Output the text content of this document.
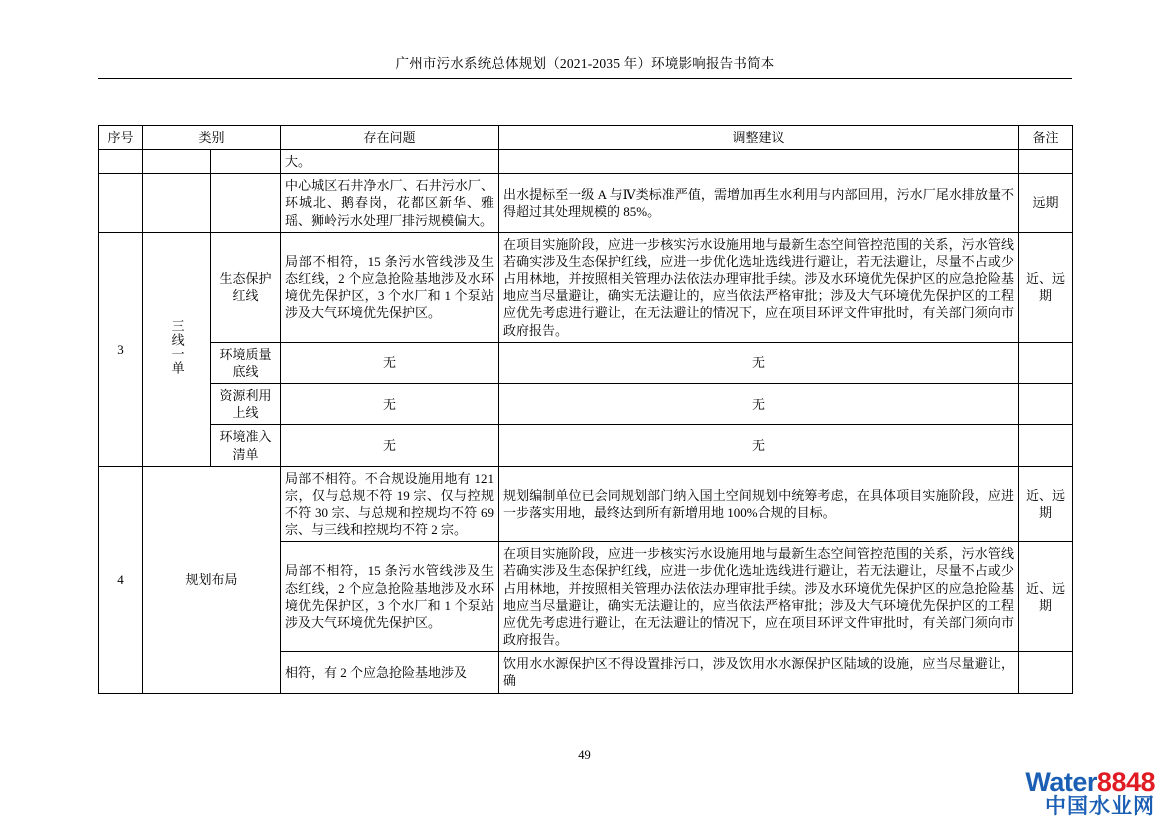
广州市污水系统总体规划（2021-2035 年）环境影响报告书简本
序号	类别		存在问题	调整建议	备注
			大。		
			中心城区石井净水厂、石井污水厂、环城北、鹅春岗，花都区新华、雅瑶、狮岭污水处理厂排污规模偏大。	出水提标至一级 A 与Ⅳ类标准严值，需增加再生水利用与内部回用，污水厂尾水排放量不得超过其处理规模的 85%。	远期
3	三线一单	生态保护红线	局部不相符，15 条污水管线涉及生态红线，2 个应急抢险基地涉及水环境优先保护区，3 个水厂和 1 个泵站涉及大气环境优先保护区。	在项目实施阶段，应进一步核实污水设施用地与最新生态空间管控范围的关系，污水管线若确实涉及生态保护红线，应进一步优化选址选线进行避让，若无法避让，尽量不占或少占用林地，并按照相关管理办法依法办理审批手续。涉及水环境优先保护区的应急抢险基地应当尽量避让，确实无法避让的，应当依法严格审批；涉及大气环境优先保护区的工程应优先考虑进行避让，在无法避让的情况下，应在项目环评文件审批时，有关部门须向市政府报告。	近、远期
		环境质量底线	无	无	
		资源利用上线	无	无	
		环境准入清单	无	无	
4	规划布局		局部不相符。不合规设施用地有 121 宗，仅与总规不符 19 宗、仅与控规不符 30 宗、与总规和控规均不符 69 宗、与三线和控规均不符 2 宗。	规划编制单位已会同规划部门纳入国土空间规划中统筹考虑，在具体项目实施阶段，应进一步落实用地，最终达到所有新增用地 100%合规的目标。	近、远期
			局部不相符，15 条污水管线涉及生态红线，2 个应急抢险基地涉及水环境优先保护区，3 个水厂和 1 个泵站涉及大气环境优先保护区。	在项目实施阶段，应进一步核实污水设施用地与最新生态空间管控范围的关系，污水管线若确实涉及生态保护红线，应进一步优化选址选线进行避让，若无法避让，尽量不占或少占用林地，并按照相关管理办法依法办理审批手续。涉及水环境优先保护区的应急抢险基地应当尽量避让，确实无法避让的，应当依法严格审批；涉及大气环境优先保护区的工程应优先考虑进行避让，在无法避让的情况下，应在项目环评文件审批时，有关部门须向市政府报告。	近、远期
			相符，有 2 个应急抢险基地涉及	饮用水水源保护区不得设置排污口，涉及饮用水水源保护区陆域的设施，应当尽量避让，确	
49
Water8848
中国水业网
